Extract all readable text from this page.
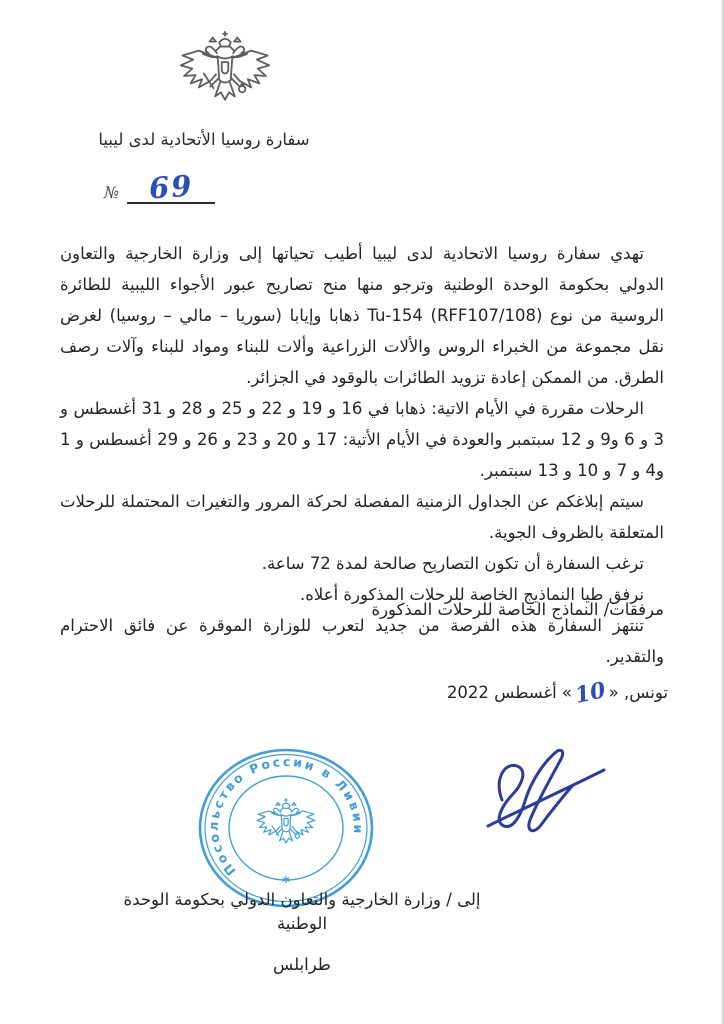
سفارة روسيا الأتحادية لدى ليبيا
№ 69

تهدي سفارة روسيا الاتحادية لدى ليبيا أطيب تحياتها إلى وزارة الخارجية والتعاون الدولي بحكومة الوحدة الوطنية وترجو منها منح تصاريح عبور الأجواء الليبية للطائرة الروسية من نوع Tu-154 (RFF107/108) ذهابا وإيابا (سوريا – مالي – روسيا) لغرض نقل مجموعة من الخبراء الروس والألات الزراعية وألات للبناء ومواد للبناء وآلات رصف الطرق. من الممكن إعادة تزويد الطائرات بالوقود في الجزائر.

الرحلات مقررة في الأيام الاتية: ذهابا في 16 و 19 و 22 و 25 و 28 و 31 أغسطس و 3 و 6 و9 و 12 سبتمبر والعودة في الأيام الأتية: 17 و 20 و 23 و 26 و 29 أغسطس و 1 و4 و 7 و 10 و 13 سبتمبر.

سيتم إبلاغكم عن الجداول الزمنية المفصلة لحركة المرور والتغيرات المحتملة للرحلات المتعلقة بالظروف الجوية.

ترغب السفارة أن تكون التصاريح صالحة لمدة 72 ساعة.

نرفق طيا النماذيج الخاصة للرحلات المذكورة أعلاه.

تنتهز السفارة هذه الفرصة من جديد لتعرب للوزارة الموقرة عن فائق الاحترام والتقدير.

مرفقات/ النماذج الخاصة للرحلات المذكورة
تونس, «10» أغسطس 2022
Посольство России в Ливии
*
إلى / وزارة الخارجية والتعاون الدولي بحكومة الوحدة الوطنية
طرابلس
